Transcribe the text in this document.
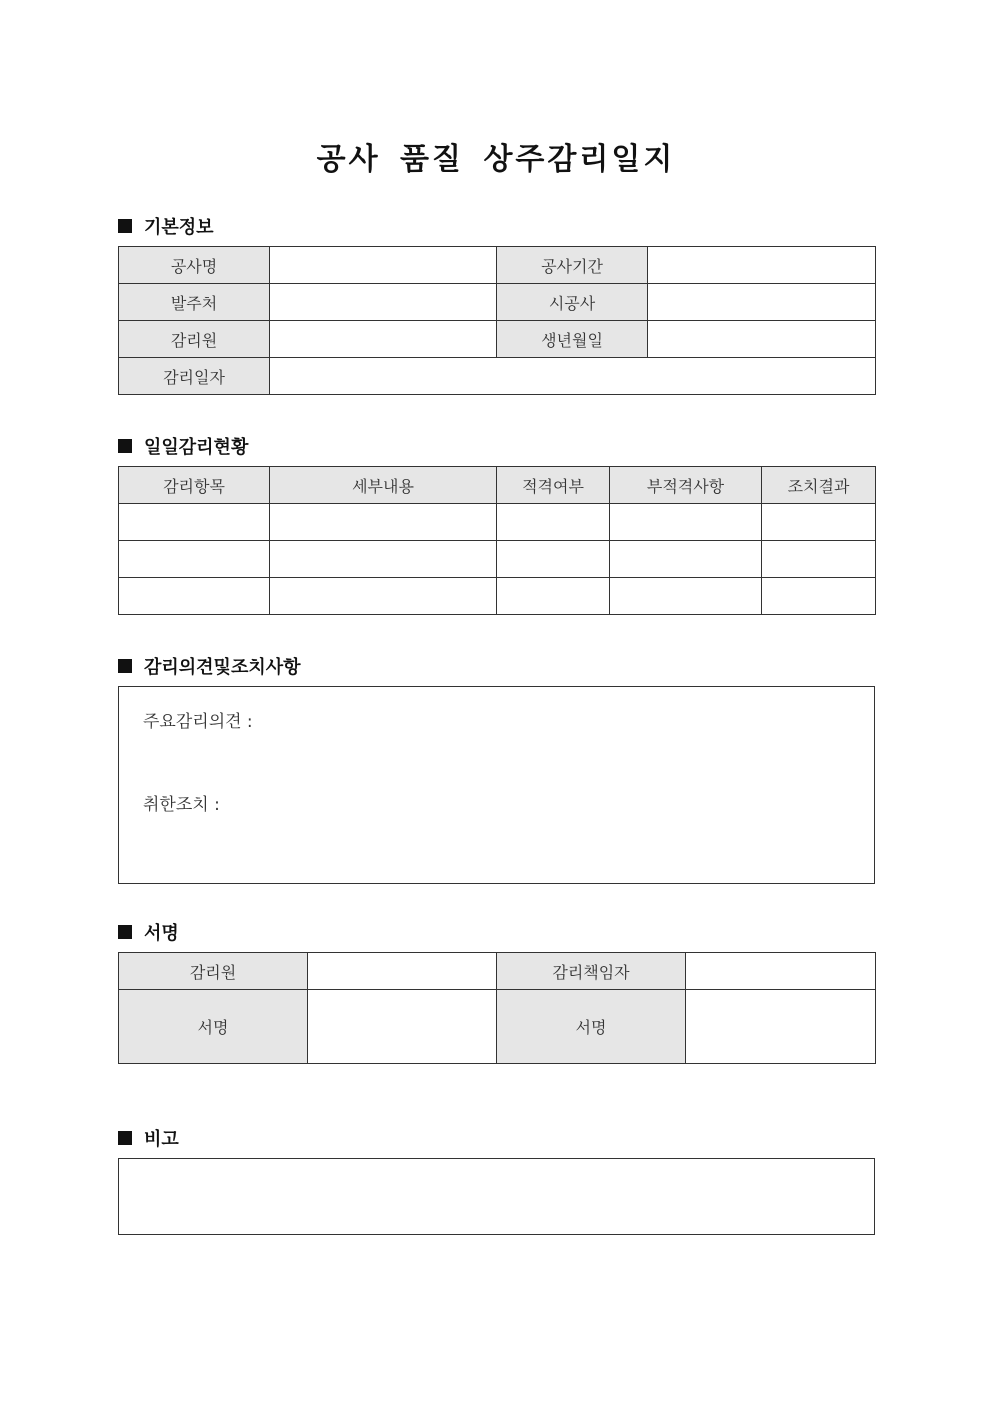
공사 품질 상주감리일지
기본정보
공사명		공사기간	
발주처		시공사	
감리원		생년월일	
감리일자			
일일감리현황
감리항목	세부내용	적격여부	부적격사항	조치결과

감리의견및조치사항
주요감리의견 :
취한조치 :
서명
감리원		감리책임자	
서명		서명	
비고
